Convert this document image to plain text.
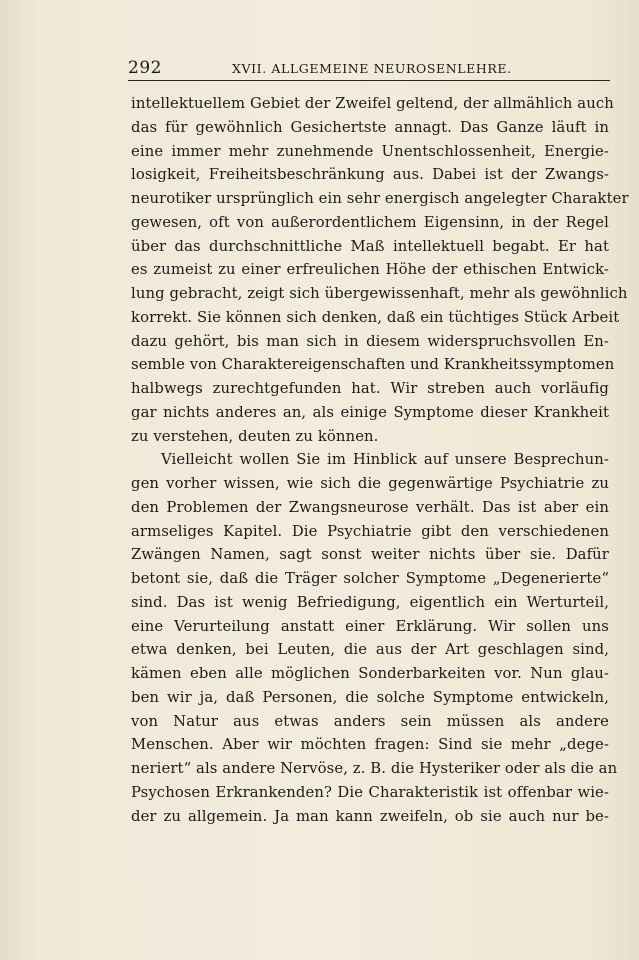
292	XVII. ALLGEMEINE NEUROSENLEHRE.
intellektuellem Gebiet der Zweifel geltend, der allmählich auch
das für gewöhnlich Gesichertste annagt. Das Ganze läuft in
eine immer mehr zunehmende Unentschlossenheit, Energie-
losigkeit, Freiheitsbeschränkung aus. Dabei ist der Zwangs-
neurotiker ursprünglich ein sehr energisch angelegter Charakter
gewesen, oft von außerordentlichem Eigensinn, in der Regel
über das durchschnittliche Maß intellektuell begabt. Er hat
es zumeist zu einer erfreulichen Höhe der ethischen Entwick-
lung gebracht, zeigt sich übergewissenhaft, mehr als gewöhnlich
korrekt. Sie können sich denken, daß ein tüchtiges Stück Arbeit
dazu gehört, bis man sich in diesem widerspruchsvollen En-
semble von Charaktereigenschaften und Krankheitssymptomen
halbwegs zurechtgefunden hat. Wir streben auch vorläufig
gar nichts anderes an, als einige Symptome dieser Krankheit
zu verstehen, deuten zu können.
Vielleicht wollen Sie im Hinblick auf unsere Besprechun-
gen vorher wissen, wie sich die gegenwärtige Psychiatrie zu
den Problemen der Zwangsneurose verhält. Das ist aber ein
armseliges Kapitel. Die Psychiatrie gibt den verschiedenen
Zwängen Namen, sagt sonst weiter nichts über sie. Dafür
betont sie, daß die Träger solcher Symptome „Degenerierte“
sind. Das ist wenig Befriedigung, eigentlich ein Werturteil,
eine Verurteilung anstatt einer Erklärung. Wir sollen uns
etwa denken, bei Leuten, die aus der Art geschlagen sind,
kämen eben alle möglichen Sonderbarkeiten vor. Nun glau-
ben wir ja, daß Personen, die solche Symptome entwickeln,
von Natur aus etwas anders sein müssen als andere
Menschen. Aber wir möchten fragen: Sind sie mehr „dege-
neriert“ als andere Nervöse, z. B. die Hysteriker oder als die an
Psychosen Erkrankenden? Die Charakteristik ist offenbar wie-
der zu allgemein. Ja man kann zweifeln, ob sie auch nur be-
